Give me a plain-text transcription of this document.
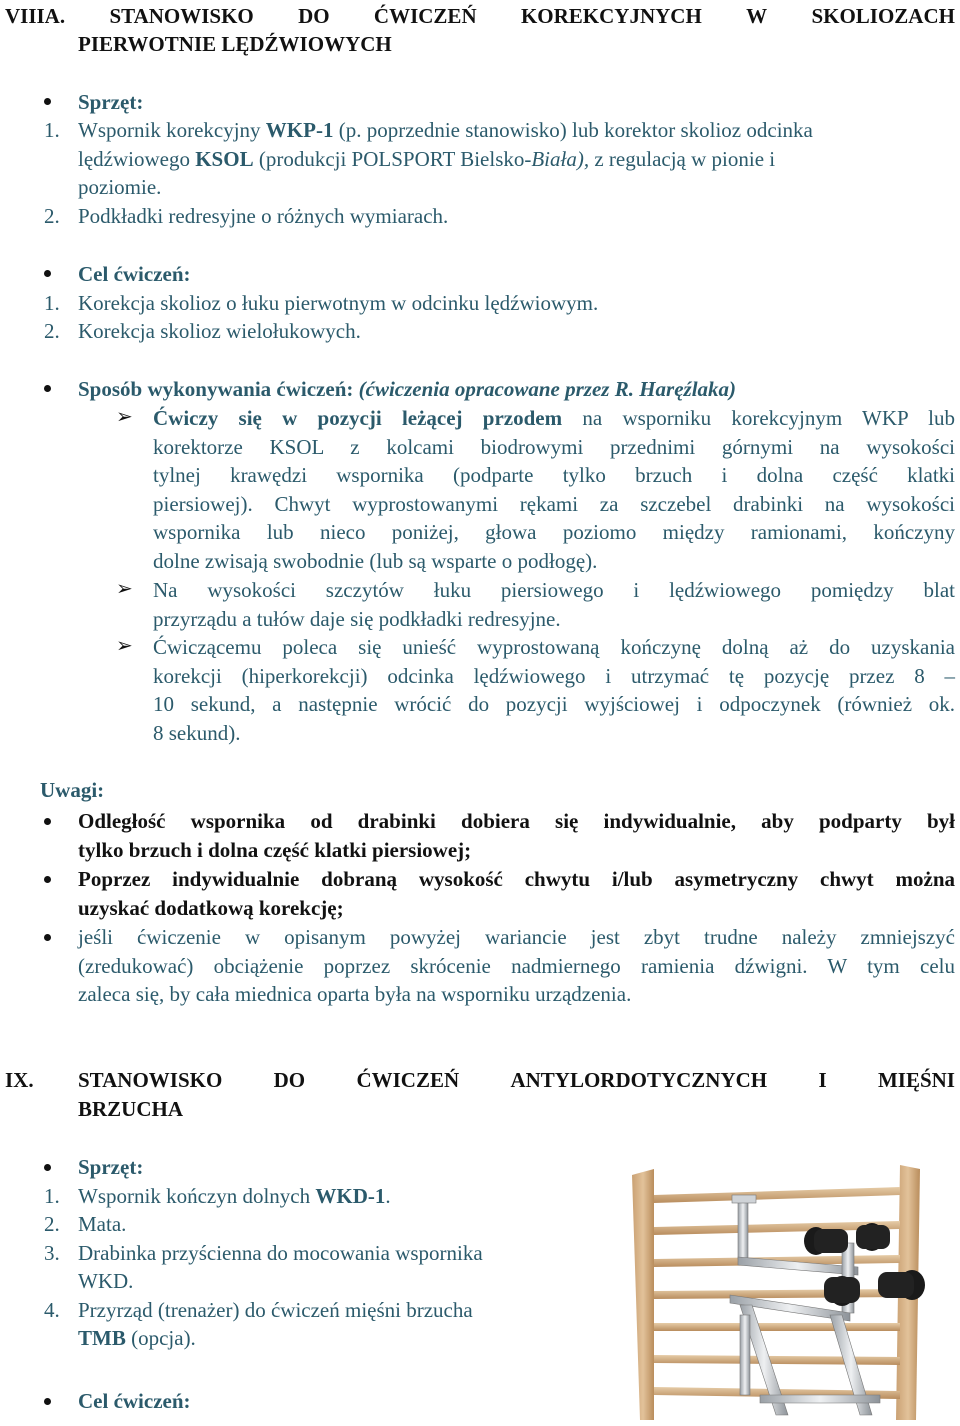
VIIIA. STANOWISKO DO ĆWICZEŃ KOREKCYJNYCH W SKOLIOZACH
PIERWOTNIE LĘDŹWIOWYCH
Sprzęt:
1. Wspornik korekcyjny WKP-1 (p. poprzednie stanowisko) lub korektor skolioz odcinka
lędźwiowego KSOL (produkcji POLSPORT Bielsko-Biała), z regulacją w pionie i
poziomie.
2. Podkładki redresyjne o różnych wymiarach.
Cel ćwiczeń:
1. Korekcja skolioz o łuku pierwotnym w odcinku lędźwiowym.
2. Korekcja skolioz wielołukowych.
Sposób wykonywania ćwiczeń: (ćwiczenia opracowane przez R. Haręźlaka)
➢ Ćwiczy się w pozycji leżącej przodem na wsporniku korekcyjnym WKP lub
korektorze KSOL z kolcami biodrowymi przednimi górnymi na wysokości
tylnej krawędzi wspornika (podparte tylko brzuch i dolna część klatki
piersiowej). Chwyt wyprostowanymi rękami za szczebel drabinki na wysokości
wspornika lub nieco poniżej, głowa poziomo między ramionami, kończyny
dolne zwisają swobodnie (lub są wsparte o podłogę).
➢ Na wysokości szczytów łuku piersiowego i lędźwiowego pomiędzy blat
przyrządu a tułów daje się podkładki redresyjne.
➢ Ćwiczącemu poleca się unieść wyprostowaną kończynę dolną aż do uzyskania
korekcji (hiperkorekcji) odcinka lędźwiowego i utrzymać tę pozycję przez 8 –
10 sekund, a następnie wrócić do pozycji wyjściowej i odpoczynek (również ok.
8 sekund).
Uwagi:
Odległość wspornika od drabinki dobiera się indywidualnie, aby podparty był
tylko brzuch i dolna część klatki piersiowej;
Poprzez indywidualnie dobraną wysokość chwytu i/lub asymetryczny chwyt można
uzyskać dodatkową korekcję;
jeśli ćwiczenie w opisanym powyżej wariancie jest zbyt trudne należy zmniejszyć
(zredukować) obciążenie poprzez skrócenie nadmiernego ramienia dźwigni. W tym celu
zaleca się, by cała miednica oparta była na wsporniku urządzenia.
IX. STANOWISKO DO ĆWICZEŃ ANTYLORDOTYCZNYCH I MIĘŚNI
BRZUCHA
Sprzęt:
1. Wspornik kończyn dolnych WKD-1.
2. Mata.
3. Drabinka przyścienna do mocowania wspornika
WKD.
4. Przyrząd (trenażer) do ćwiczeń mięśni brzucha
TMB (opcja).
Cel ćwiczeń:
